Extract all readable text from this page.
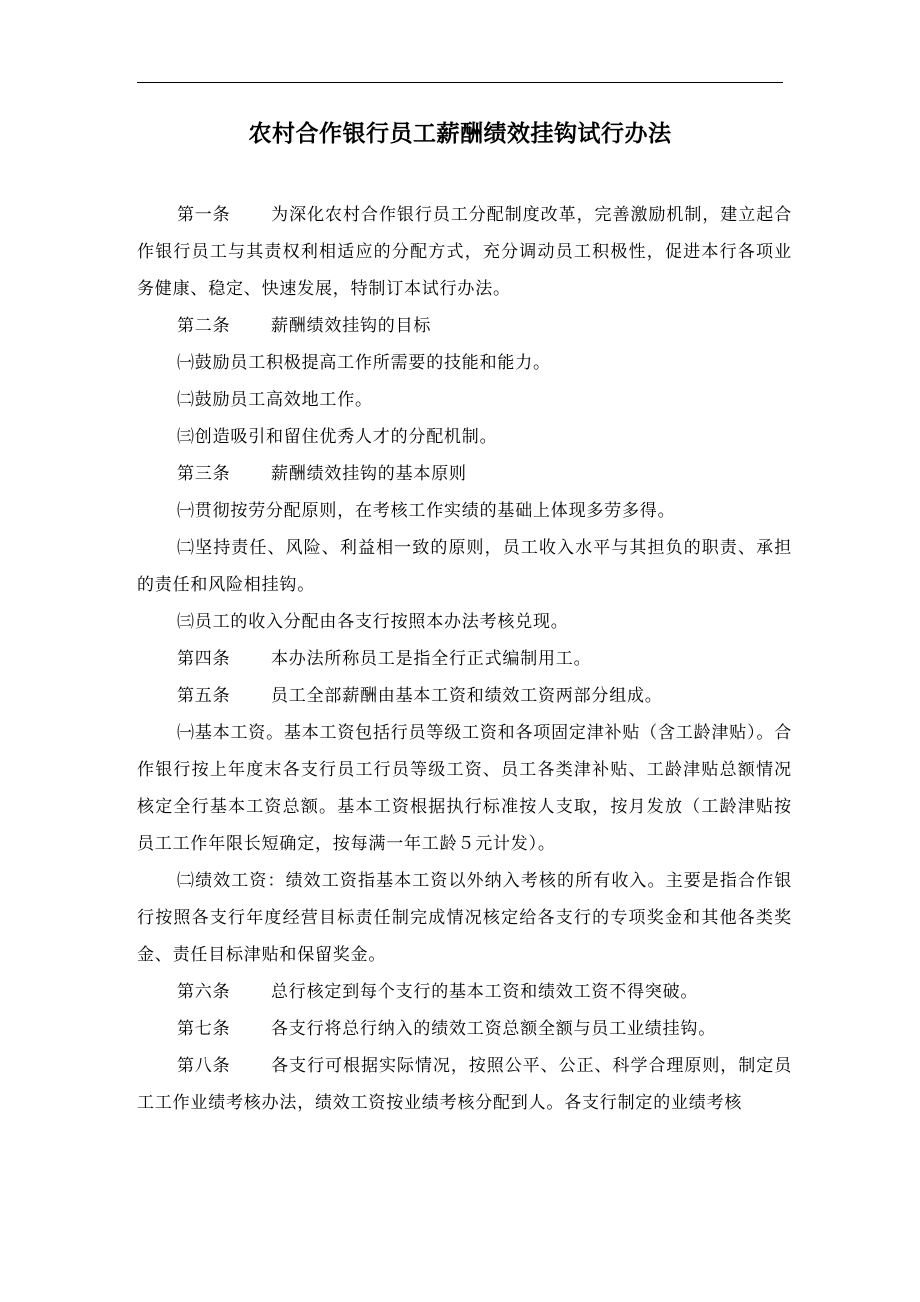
农村合作银行员工薪酬绩效挂钩试行办法

第一条 为深化农村合作银行员工分配制度改革，完善激励机制，建立起合作银行员工与其责权利相适应的分配方式，充分调动员工积极性，促进本行各项业务健康、稳定、快速发展，特制订本试行办法。

第二条 薪酬绩效挂钩的目标

㈠鼓励员工积极提高工作所需要的技能和能力。

㈡鼓励员工高效地工作。

㈢创造吸引和留住优秀人才的分配机制。

第三条 薪酬绩效挂钩的基本原则

㈠贯彻按劳分配原则，在考核工作实绩的基础上体现多劳多得。

㈡坚持责任、风险、利益相一致的原则，员工收入水平与其担负的职责、承担的责任和风险相挂钩。

㈢员工的收入分配由各支行按照本办法考核兑现。

第四条 本办法所称员工是指全行正式编制用工。

第五条 员工全部薪酬由基本工资和绩效工资两部分组成。

㈠基本工资。基本工资包括行员等级工资和各项固定津补贴（含工龄津贴）。合作银行按上年度末各支行员工行员等级工资、员工各类津补贴、工龄津贴总额情况核定全行基本工资总额。基本工资根据执行标准按人支取，按月发放（工龄津贴按员工工作年限长短确定，按每满一年工龄５元计发）。

㈡绩效工资：绩效工资指基本工资以外纳入考核的所有收入。主要是指合作银行按照各支行年度经营目标责任制完成情况核定给各支行的专项奖金和其他各类奖金、责任目标津贴和保留奖金。

第六条 总行核定到每个支行的基本工资和绩效工资不得突破。

第七条 各支行将总行纳入的绩效工资总额全额与员工业绩挂钩。

第八条 各支行可根据实际情况，按照公平、公正、科学合理原则，制定员工工作业绩考核办法，绩效工资按业绩考核分配到人。各支行制定的业绩考核
